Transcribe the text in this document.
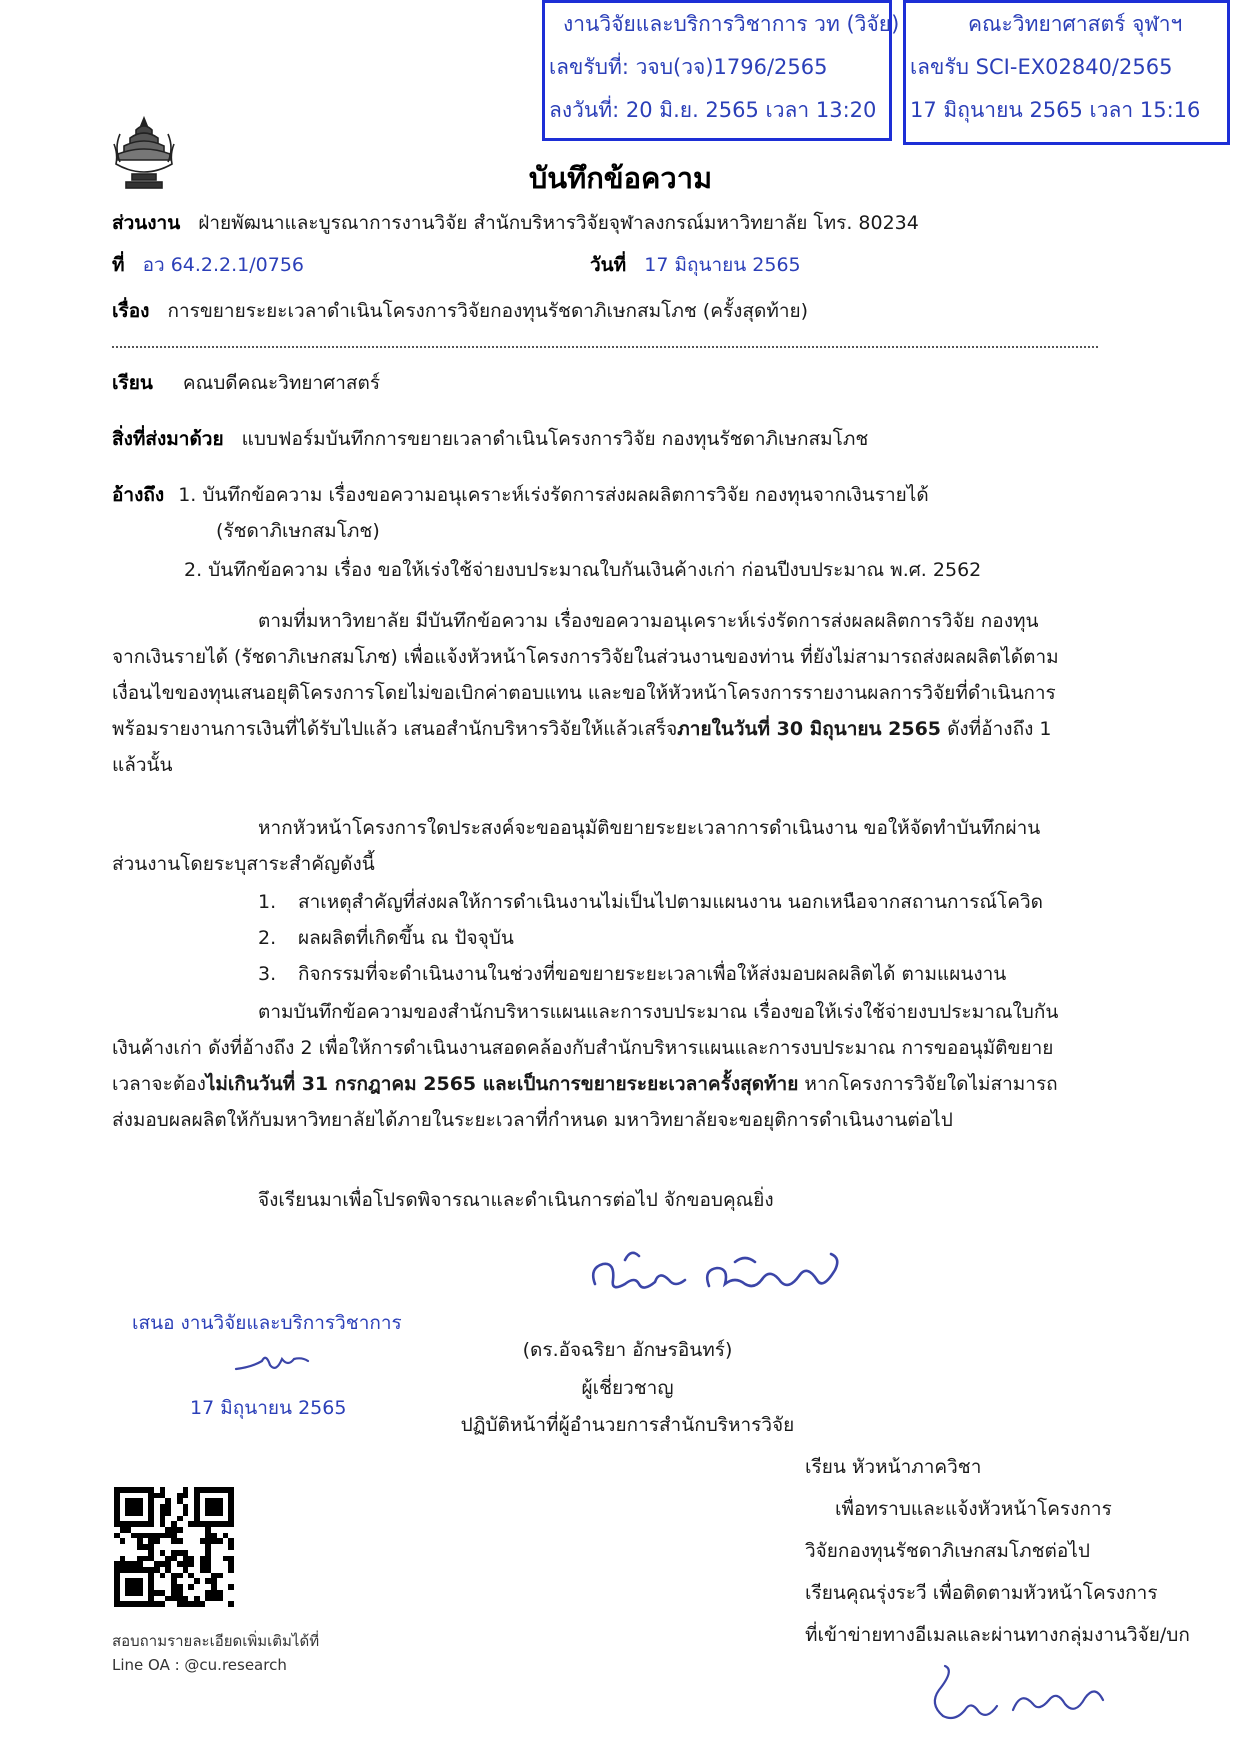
งานวิจัยและบริการวิชาการ วท (วิจัย)
เลขรับที่: วจบ(วจ)1796/2565
ลงวันที่: 20 มิ.ย. 2565 เวลา 13:20
คณะวิทยาศาสตร์ จุฬาฯ
เลขรับ SCI-EX02840/2565
17 มิถุนายน 2565 เวลา 15:16
บันทึกข้อความ
ส่วนงาน ฝ่ายพัฒนาและบูรณาการงานวิจัย สำนักบริหารวิจัยจุฬาลงกรณ์มหาวิทยาลัย โทร. 80234
ที่ อว 64.2.2.1/0756	วันที่ 17 มิถุนายน 2565
เรื่อง การขยายระยะเวลาดำเนินโครงการวิจัยกองทุนรัชดาภิเษกสมโภช (ครั้งสุดท้าย)
เรียน คณบดีคณะวิทยาศาสตร์
สิ่งที่ส่งมาด้วย แบบฟอร์มบันทึกการขยายเวลาดำเนินโครงการวิจัย กองทุนรัชดาภิเษกสมโภช
อ้างถึง 1. บันทึกข้อความ เรื่องขอความอนุเคราะห์เร่งรัดการส่งผลผลิตการวิจัย กองทุนจากเงินรายได้
(รัชดาภิเษกสมโภช)
2. บันทึกข้อความ เรื่อง ขอให้เร่งใช้จ่ายงบประมาณใบกันเงินค้างเก่า ก่อนปีงบประมาณ พ.ศ. 2562
ตามที่มหาวิทยาลัย มีบันทึกข้อความ เรื่องขอความอนุเคราะห์เร่งรัดการส่งผลผลิตการวิจัย กองทุน
จากเงินรายได้ (รัชดาภิเษกสมโภช) เพื่อแจ้งหัวหน้าโครงการวิจัยในส่วนงานของท่าน ที่ยังไม่สามารถส่งผลผลิตได้ตาม
เงื่อนไขของทุนเสนอยุติโครงการโดยไม่ขอเบิกค่าตอบแทน และขอให้หัวหน้าโครงการรายงานผลการวิจัยที่ดำเนินการ
พร้อมรายงานการเงินที่ได้รับไปแล้ว เสนอสำนักบริหารวิจัยให้แล้วเสร็จภายในวันที่ 30 มิถุนายน 2565 ดังที่อ้างถึง 1
แล้วนั้น
หากหัวหน้าโครงการใดประสงค์จะขออนุมัติขยายระยะเวลาการดำเนินงาน ขอให้จัดทำบันทึกผ่าน
ส่วนงานโดยระบุสาระสำคัญดังนี้
1. สาเหตุสำคัญที่ส่งผลให้การดำเนินงานไม่เป็นไปตามแผนงาน นอกเหนือจากสถานการณ์โควิด
2. ผลผลิตที่เกิดขึ้น ณ ปัจจุบัน
3. กิจกรรมที่จะดำเนินงานในช่วงที่ขอขยายระยะเวลาเพื่อให้ส่งมอบผลผลิตได้ ตามแผนงาน
ตามบันทึกข้อความของสำนักบริหารแผนและการงบประมาณ เรื่องขอให้เร่งใช้จ่ายงบประมาณใบกัน
เงินค้างเก่า ดังที่อ้างถึง 2 เพื่อให้การดำเนินงานสอดคล้องกับสำนักบริหารแผนและการงบประมาณ การขออนุมัติขยาย
เวลาจะต้องไม่เกินวันที่ 31 กรกฎาคม 2565 และเป็นการขยายระยะเวลาครั้งสุดท้าย หากโครงการวิจัยใดไม่สามารถ
ส่งมอบผลผลิตให้กับมหาวิทยาลัยได้ภายในระยะเวลาที่กำหนด มหาวิทยาลัยจะขอยุติการดำเนินงานต่อไป
จึงเรียนมาเพื่อโปรดพิจารณาและดำเนินการต่อไป จักขอบคุณยิ่ง
(ดร.อัจฉริยา อักษรอินทร์)
ผู้เชี่ยวชาญ
ปฏิบัติหน้าที่ผู้อำนวยการสำนักบริหารวิจัย
เสนอ งานวิจัยและบริการวิชาการ
17 มิถุนายน 2565
เรียน หัวหน้าภาควิชา
เพื่อทราบและแจ้งหัวหน้าโครงการ
วิจัยกองทุนรัชดาภิเษกสมโภชต่อไป
เรียนคุณรุ่งระวี เพื่อติดตามหัวหน้าโครงการ
ที่เข้าข่ายทางอีเมลและผ่านทางกลุ่มงานวิจัย/บก
สอบถามรายละเอียดเพิ่มเติมได้ที่
Line OA : @cu.research
